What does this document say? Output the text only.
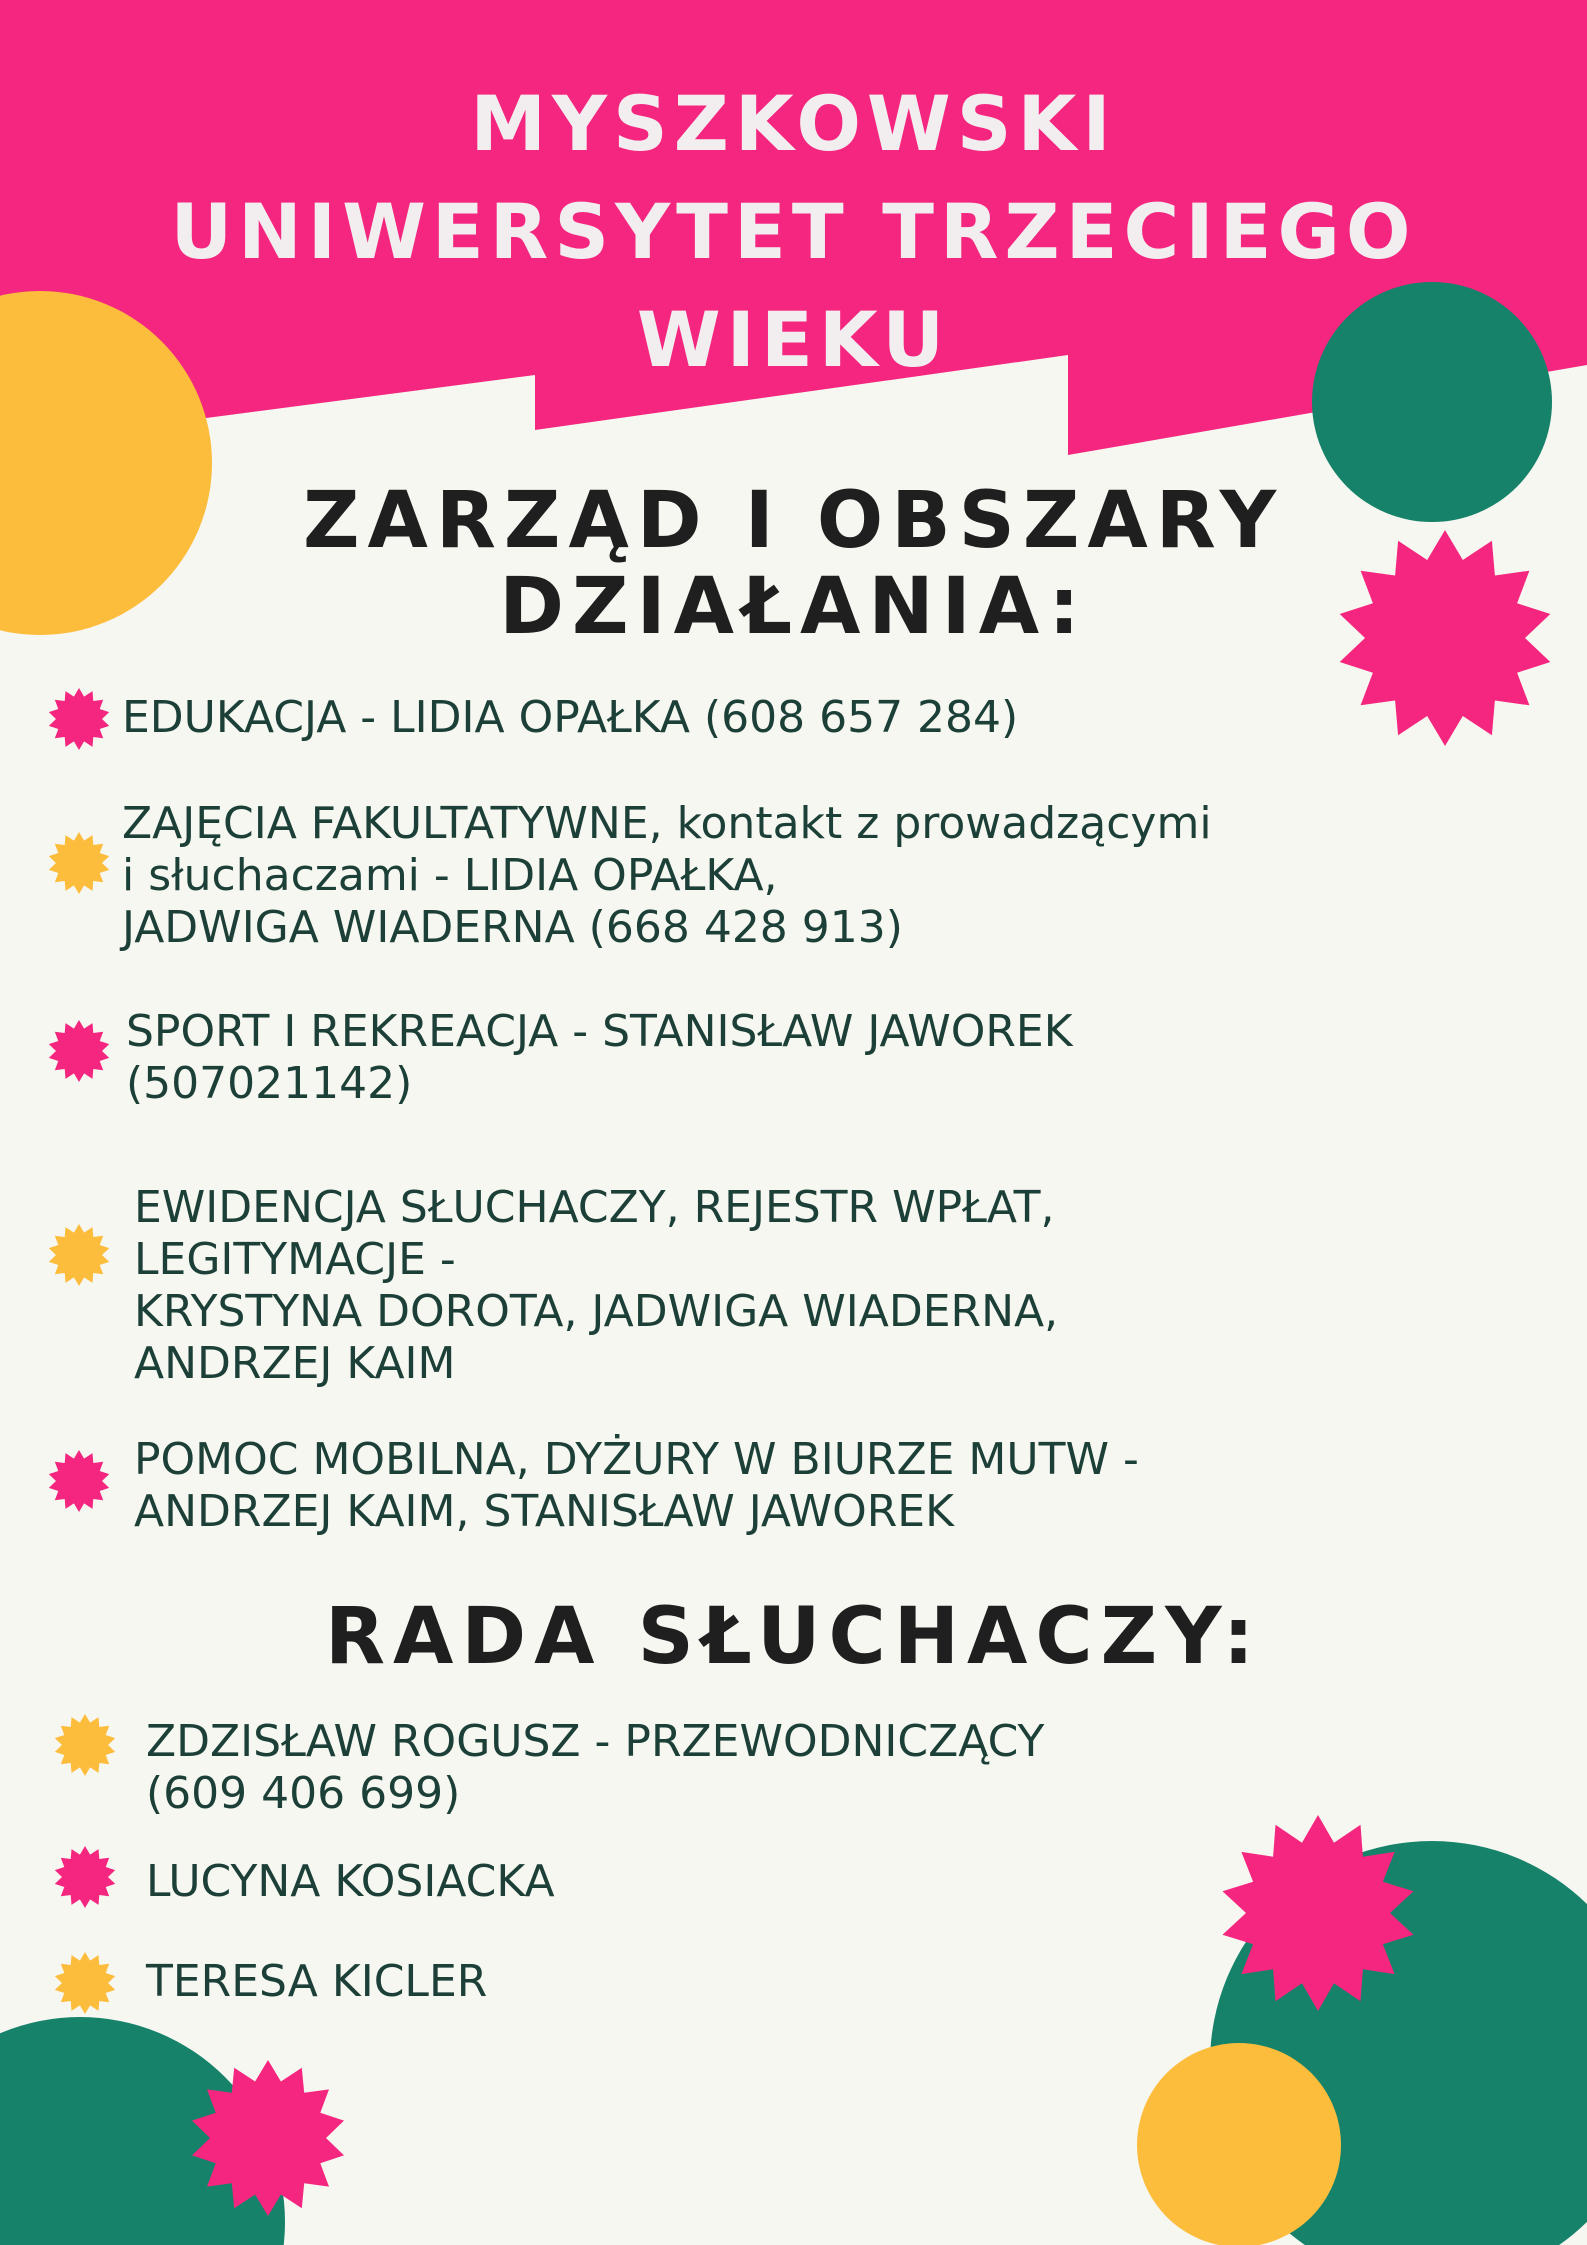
MYSZKOWSKI
UNIWERSYTET TRZECIEGO
WIEKU
ZARZĄD I OBSZARY
DZIAŁANIA:
EDUKACJA - LIDIA OPAŁKA (608 657 284)
ZAJĘCIA FAKULTATYWNE, kontakt z prowadzącymi
i słuchaczami - LIDIA OPAŁKA,
JADWIGA WIADERNA (668 428 913)
SPORT I REKREACJA - STANISŁAW JAWOREK
(507021142)
EWIDENCJA SŁUCHACZY, REJESTR WPŁAT,
LEGITYMACJE -
KRYSTYNA DOROTA, JADWIGA WIADERNA,
ANDRZEJ KAIM
POMOC MOBILNA, DYŻURY W BIURZE MUTW -
ANDRZEJ KAIM, STANISŁAW JAWOREK
RADA SŁUCHACZY:
ZDZISŁAW ROGUSZ - PRZEWODNICZĄCY
(609 406 699)
LUCYNA KOSIACKA
TERESA KICLER
